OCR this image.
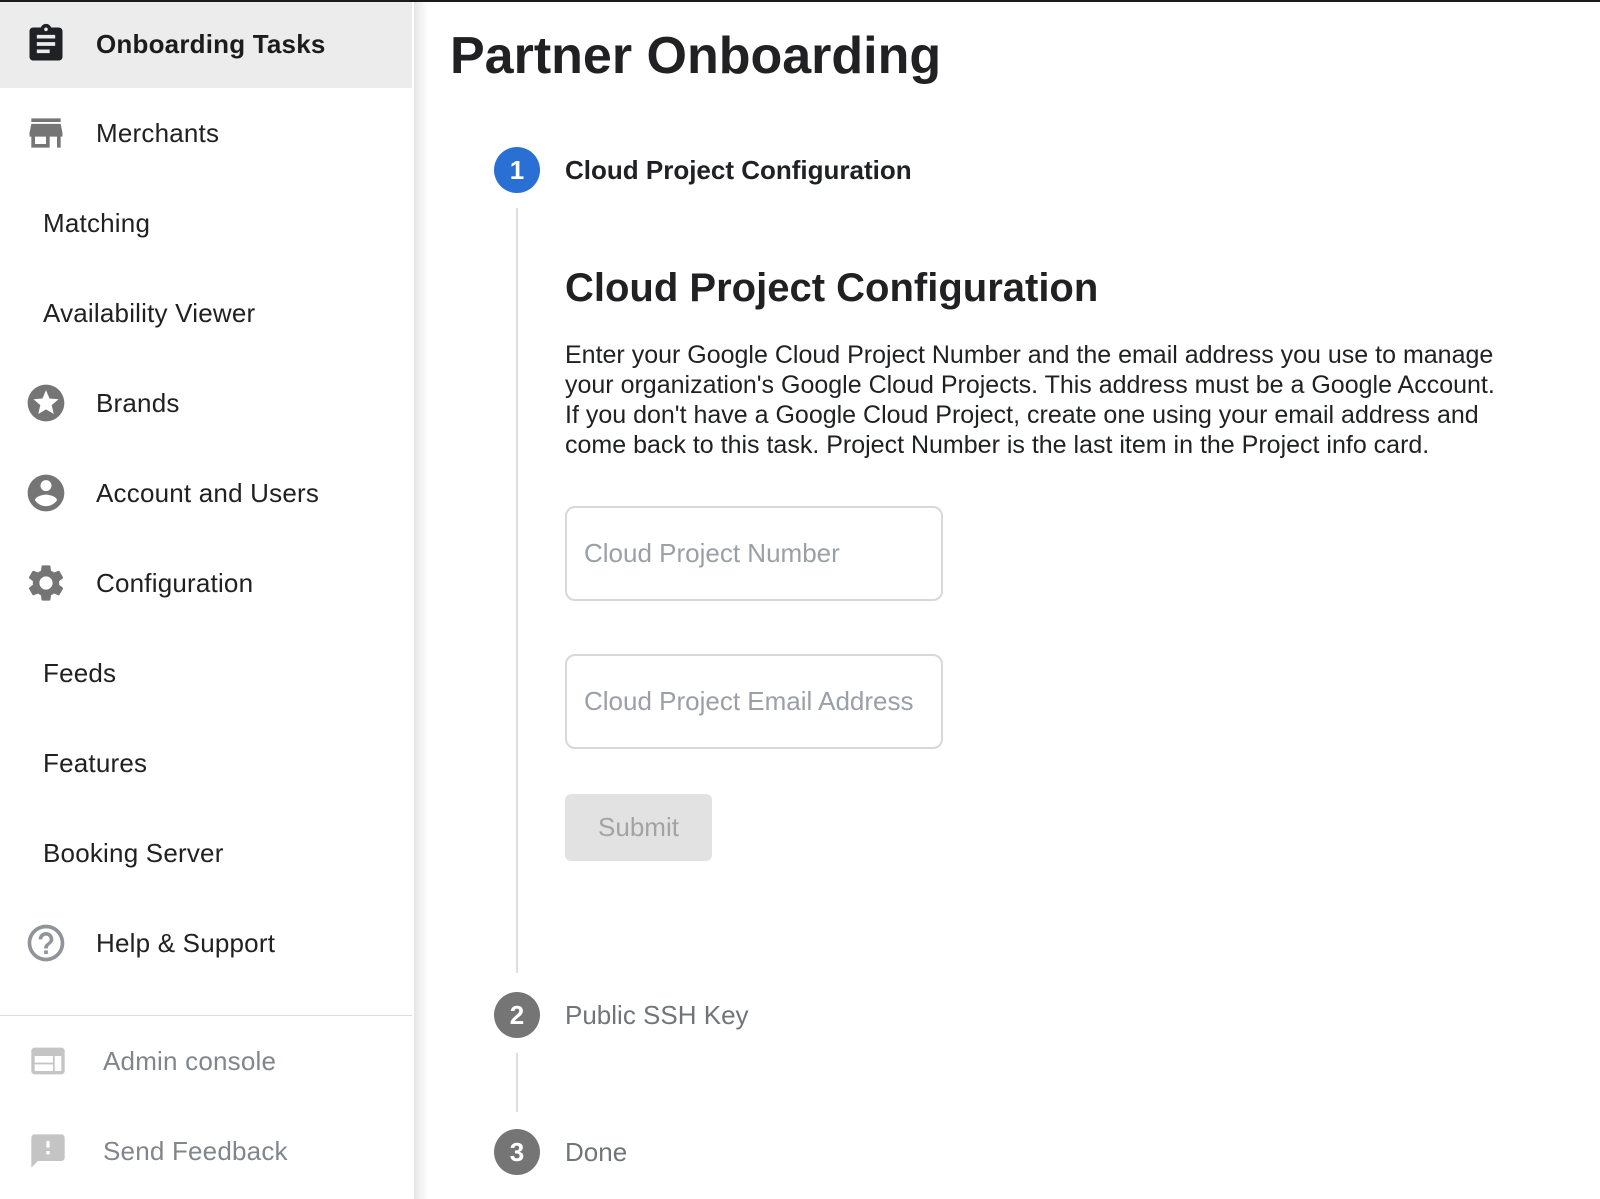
Onboarding Tasks
Merchants
Matching
Availability Viewer
Brands
Account and Users
Configuration
Feeds
Features
Booking Server
Help & Support
Admin console
Send Feedback
Partner Onboarding
1 Cloud Project Configuration
Cloud Project Configuration

Enter your Google Cloud Project Number and the email address you use to manage your organization's Google Cloud Projects. This address must be a Google Account. If you don't have a Google Cloud Project, create one using your email address and come back to this task. Project Number is the last item in the Project info card.

Cloud Project Number
Cloud Project Email Address Submit
2 Public SSH Key
3 Done
